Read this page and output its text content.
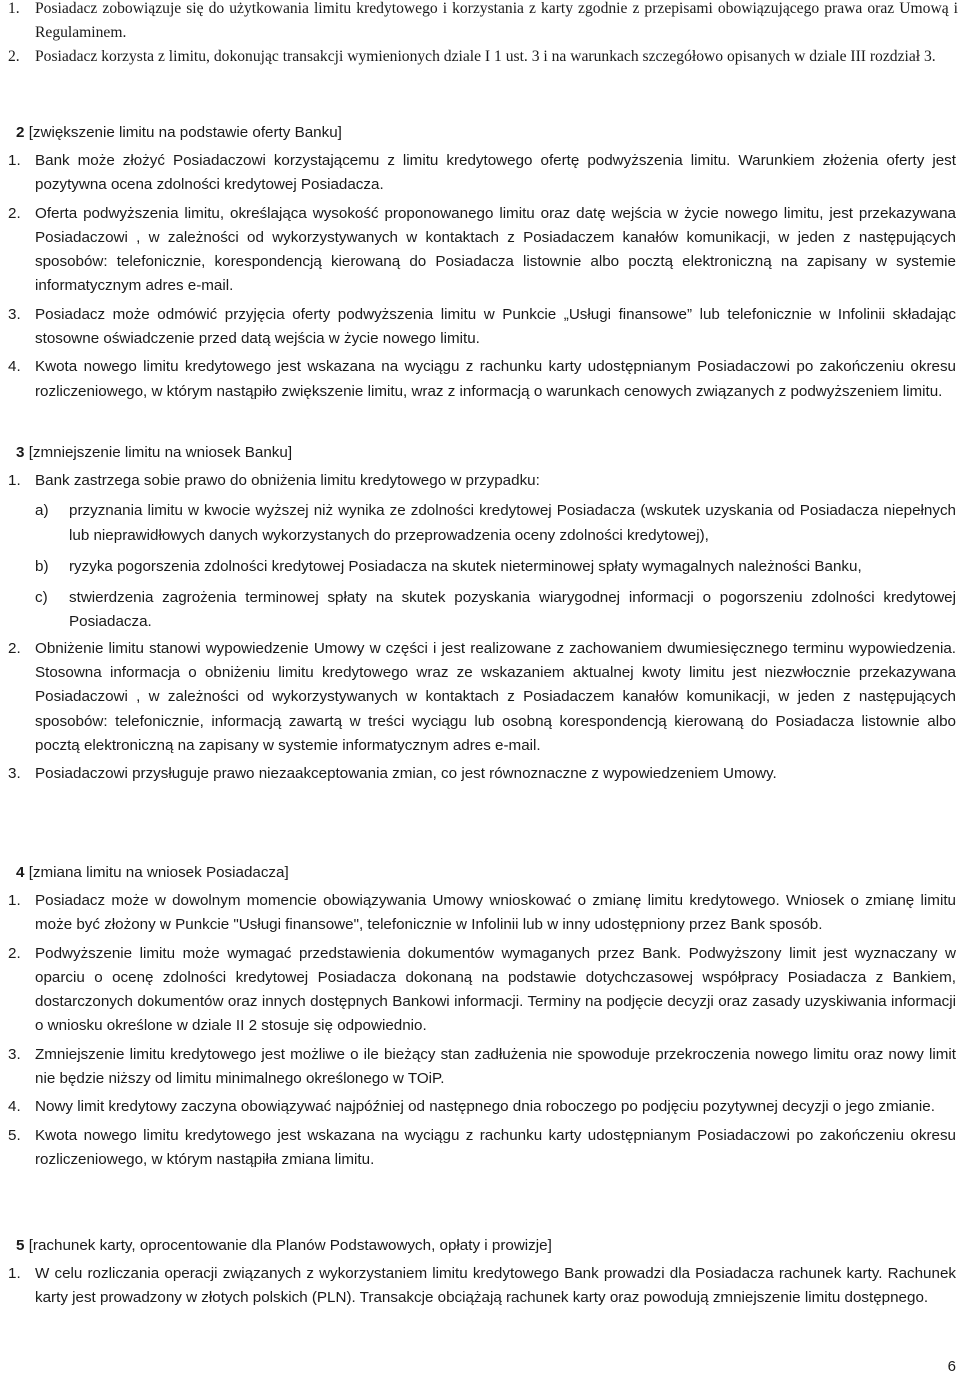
1. Posiadacz zobowiązuje się do użytkowania limitu kredytowego i korzystania z karty zgodnie z przepisami obowiązującego prawa oraz Umową i Regulaminem.
2. Posiadacz korzysta z limitu, dokonując transakcji wymienionych dziale I 1 ust. 3 i na warunkach szczegółowo opisanych w dziale III rozdział 3.
2 [zwiększenie limitu na podstawie oferty Banku]
1. Bank może złożyć Posiadaczowi korzystającemu z limitu kredytowego ofertę podwyższenia limitu. Warunkiem złożenia oferty jest pozytywna ocena zdolności kredytowej Posiadacza.
2. Oferta podwyższenia limitu, określająca wysokość proponowanego limitu oraz datę wejścia w życie nowego limitu, jest przekazywana Posiadaczowi , w zależności od wykorzystywanych w kontaktach z Posiadaczem kanałów komunikacji, w jeden z następujących sposobów: telefonicznie, korespondencją kierowaną do Posiadacza listownie albo pocztą elektroniczną na zapisany w systemie informatycznym adres e-mail.
3. Posiadacz może odmówić przyjęcia oferty podwyższenia limitu w Punkcie „Usługi finansowe” lub telefonicznie w Infolinii składając stosowne oświadczenie przed datą wejścia w życie nowego limitu.
4. Kwota nowego limitu kredytowego jest wskazana na wyciągu z rachunku karty udostępnianym Posiadaczowi po zakończeniu okresu rozliczeniowego, w którym nastąpiło zwiększenie limitu, wraz z informacją o warunkach cenowych związanych z podwyższeniem limitu.
3 [zmniejszenie limitu na wniosek Banku]
1. Bank zastrzega sobie prawo do obniżenia limitu kredytowego w przypadku:
a) przyznania limitu w kwocie wyższej niż wynika ze zdolności kredytowej Posiadacza (wskutek uzyskania od Posiadacza niepełnych lub nieprawidłowych danych wykorzystanych do przeprowadzenia oceny zdolności kredytowej),
b) ryzyka pogorszenia zdolności kredytowej Posiadacza na skutek nieterminowej spłaty wymagalnych należności Banku,
c) stwierdzenia zagrożenia terminowej spłaty na skutek pozyskania wiarygodnej informacji o pogorszeniu zdolności kredytowej Posiadacza.
2. Obniżenie limitu stanowi wypowiedzenie Umowy w części i jest realizowane z zachowaniem dwumiesięcznego terminu wypowiedzenia. Stosowna informacja o obniżeniu limitu kredytowego wraz ze wskazaniem aktualnej kwoty limitu jest niezwłocznie przekazywana Posiadaczowi , w zależności od wykorzystywanych w kontaktach z Posiadaczem kanałów komunikacji, w jeden z następujących sposobów: telefonicznie, informacją zawartą w treści wyciągu lub osobną korespondencją kierowaną do Posiadacza listownie albo pocztą elektroniczną na zapisany w systemie informatycznym adres e-mail.
3. Posiadaczowi przysługuje prawo niezaakceptowania zmian, co jest równoznaczne z wypowiedzeniem Umowy.
4 [zmiana limitu na wniosek Posiadacza]
1. Posiadacz może w dowolnym momencie obowiązywania Umowy wnioskować o zmianę limitu kredytowego. Wniosek o zmianę limitu może być złożony w Punkcie "Usługi finansowe", telefonicznie w Infolinii lub w inny udostępniony przez Bank sposób.
2. Podwyższenie limitu może wymagać przedstawienia dokumentów wymaganych przez Bank. Podwyższony limit jest wyznaczany w oparciu o ocenę zdolności kredytowej Posiadacza dokonaną na podstawie dotychczasowej współpracy Posiadacza z Bankiem, dostarczonych dokumentów oraz innych dostępnych Bankowi informacji. Terminy na podjęcie decyzji oraz zasady uzyskiwania informacji o wniosku określone w dziale II 2 stosuje się odpowiednio.
3. Zmniejszenie limitu kredytowego jest możliwe o ile bieżący stan zadłużenia nie spowoduje przekroczenia nowego limitu oraz nowy limit nie będzie niższy od limitu minimalnego określonego w TOiP.
4. Nowy limit kredytowy zaczyna obowiązywać najpóźniej od następnego dnia roboczego po podjęciu pozytywnej decyzji o jego zmianie.
5. Kwota nowego limitu kredytowego jest wskazana na wyciągu z rachunku karty udostępnianym Posiadaczowi po zakończeniu okresu rozliczeniowego, w którym nastąpiła zmiana limitu.
5 [rachunek karty, oprocentowanie dla Planów Podstawowych, opłaty i prowizje]
1. W celu rozliczania operacji związanych z wykorzystaniem limitu kredytowego Bank prowadzi dla Posiadacza rachunek karty. Rachunek karty jest prowadzony w złotych polskich (PLN). Transakcje obciążają rachunek karty oraz powodują zmniejszenie limitu dostępnego.
6
